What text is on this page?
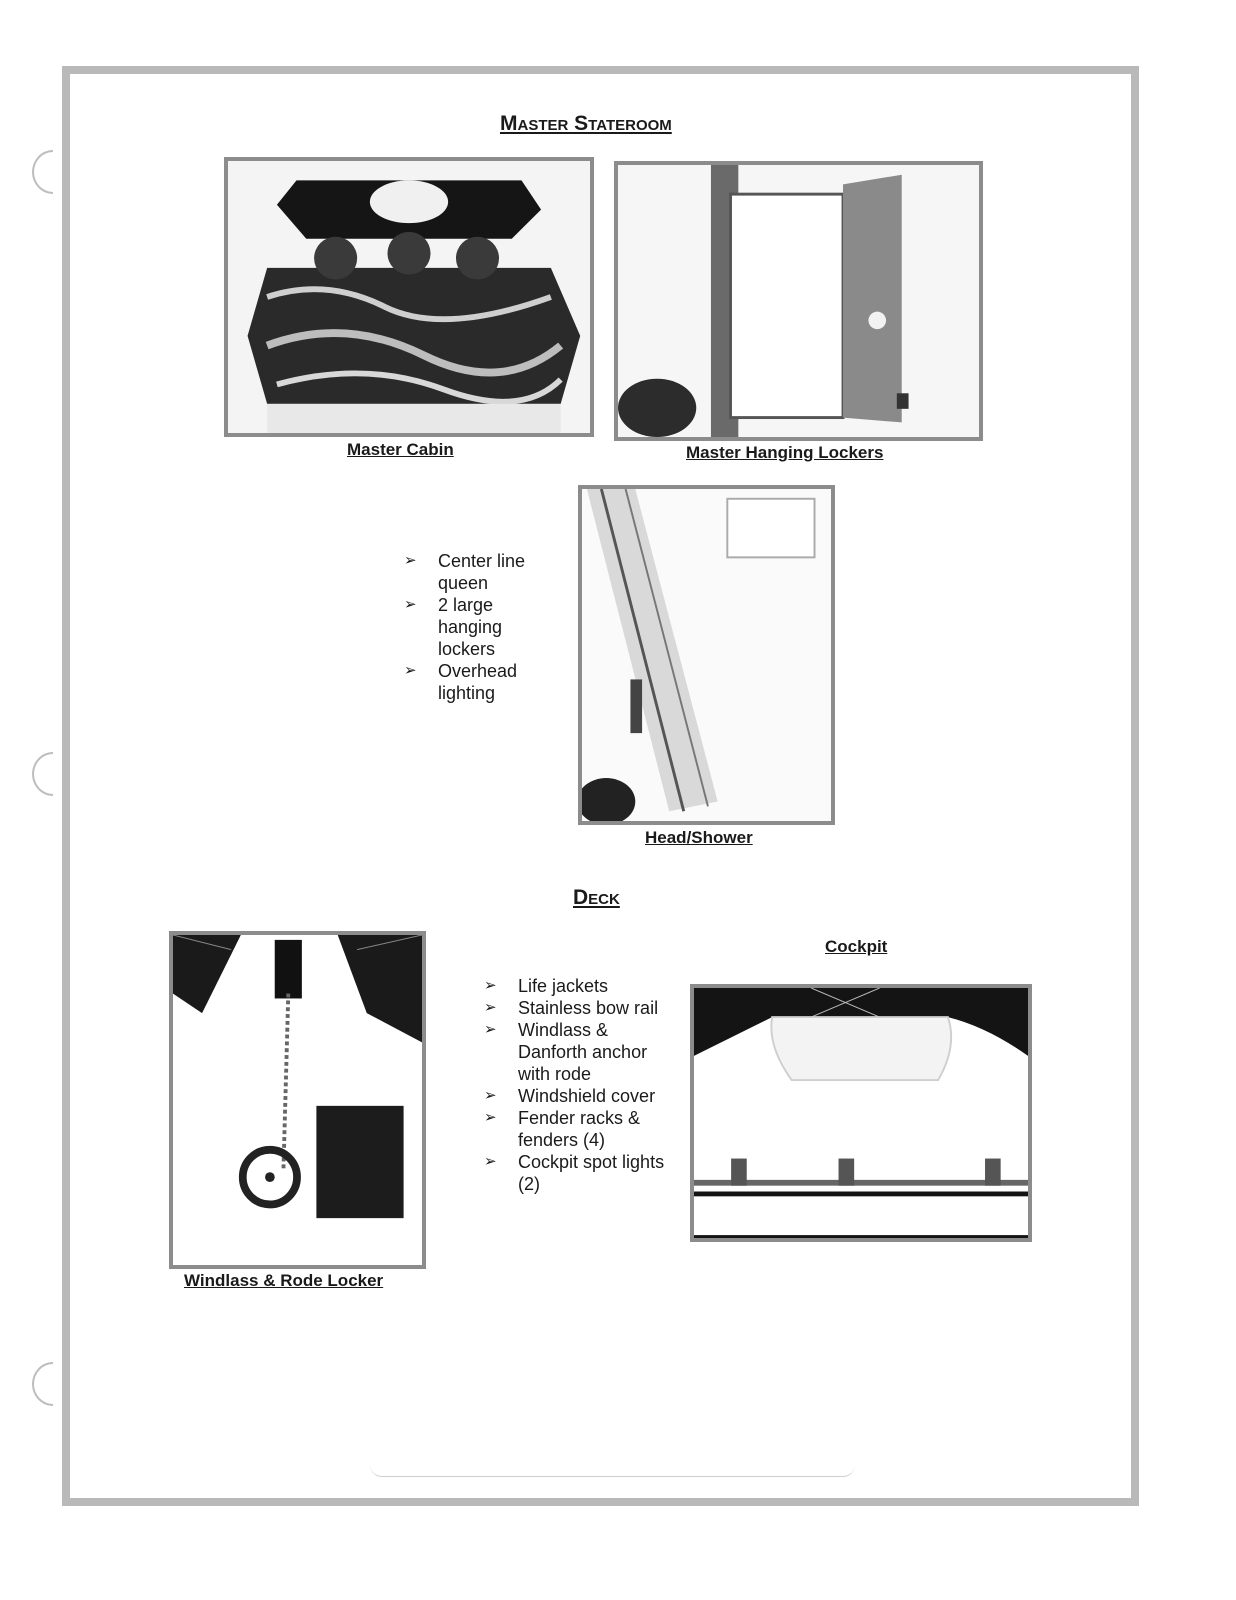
Master Stateroom
Master Cabin	Master Hanging Lockers
➢ Center line queen
➢ 2 large hanging lockers
➢ Overhead lighting
Head/Shower
Deck
Windlass & Rode Locker
➢ Life jackets
➢ Stainless bow rail
➢ Windlass & Danforth anchor with rode
➢ Windshield cover
➢ Fender racks & fenders (4)
➢ Cockpit spot lights (2)
Cockpit
